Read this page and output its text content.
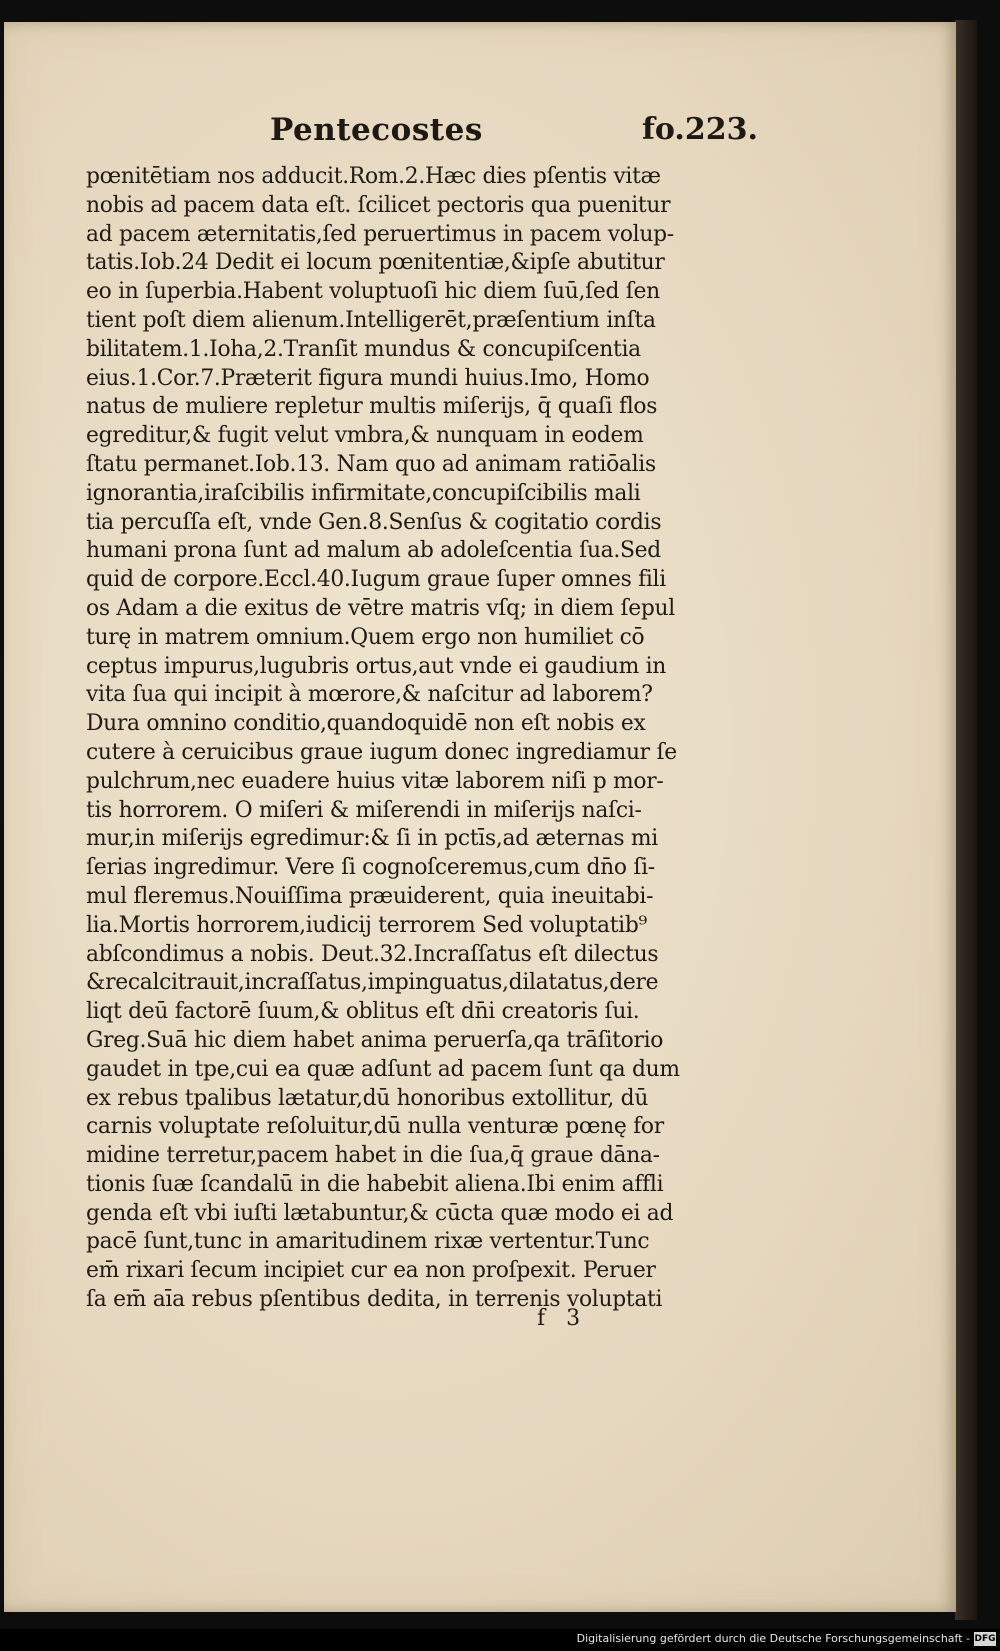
Pentecostes	fo.223.
pœnitētiam nos adducit.Rom.2.Hæc dies pſentis vitæ
nobis ad pacem data eſt. ſcilicet pectoris qua puenitur
ad pacem æternitatis,ſed peruertimus in pacem volup-
tatis.Iob.24 Dedit ei locum pœnitentiæ,&ipſe abutitur
eo in ſuperbia.Habent voluptuoſi hic diem ſuū,ſed ſen
tient poſt diem alienum.Intelligerēt,præſentium inſta
bilitatem.1.Ioha,2.Tranſit mundus & concupiſcentia
eius.1.Cor.7.Præterit figura mundi huius.Imo, Homo
natus de muliere repletur multis miſerijs, q̄ quaſi flos
egreditur,& fugit velut vmbra,& nunquam in eodem
ſtatu permanet.Iob.13. Nam quo ad animam ratiōalis
ignorantia,iraſcibilis infirmitate,concupiſcibilis mali
tia percuſſa eſt, vnde Gen.8.Senſus & cogitatio cordis
humani prona ſunt ad malum ab adoleſcentia ſua.Sed
quid de corpore.Eccl.40.Iugum graue ſuper omnes fili
os Adam a die exitus de vētre matris vſq; in diem ſepul
turę in matrem omnium.Quem ergo non humiliet cō
ceptus impurus,lugubris ortus,aut vnde ei gaudium in
vita ſua qui incipit à mœrore,& naſcitur ad laborem?
Dura omnino conditio,quandoquidē non eſt nobis ex
cutere à ceruicibus graue iugum donec ingrediamur ſe
pulchrum,nec euadere huius vitæ laborem niſi p mor-
tis horrorem. O miſeri & miſerendi in miſerijs naſci-
mur,in miſerijs egredimur:& ſi in pctīs,ad æternas mi
ſerias ingredimur. Vere ſi cognoſceremus,cum dn̄o ſi-
mul fleremus.Nouiſſima præuiderent, quia ineuitabi-
lia.Mortis horrorem,iudicij terrorem Sed voluptatib⁹
abſcondimus a nobis. Deut.32.Incraſſatus eſt dilectus
&recalcitrauit,incraſſatus,impinguatus,dilatatus,dere
liqt deū factorē ſuum,& oblitus eſt dn̄i creatoris ſui.
Greg.Suā hic diem habet anima peruerſa,qa trāſitorio
gaudet in tpe,cui ea quæ adſunt ad pacem ſunt qa dum
ex rebus tpalibus lætatur,dū honoribus extollitur, dū
carnis voluptate reſoluitur,dū nulla venturæ pœnę for
midine terretur,pacem habet in die ſua,q̄ graue dāna-
tionis ſuæ ſcandalū in die habebit aliena.Ibi enim affli
genda eſt vbi iuſti lætabuntur,& cūcta quæ modo ei ad
pacē ſunt,tunc in amaritudinem rixæ vertentur.Tunc
em̄ rixari ſecum incipiet cur ea non proſpexit. Peruer
ſa em̄ aīa rebus pſentibus dedita, in terrenis voluptati
f 3
Digitalisierung gefördert durch die Deutsche Forschungsgemeinschaft - DFG
